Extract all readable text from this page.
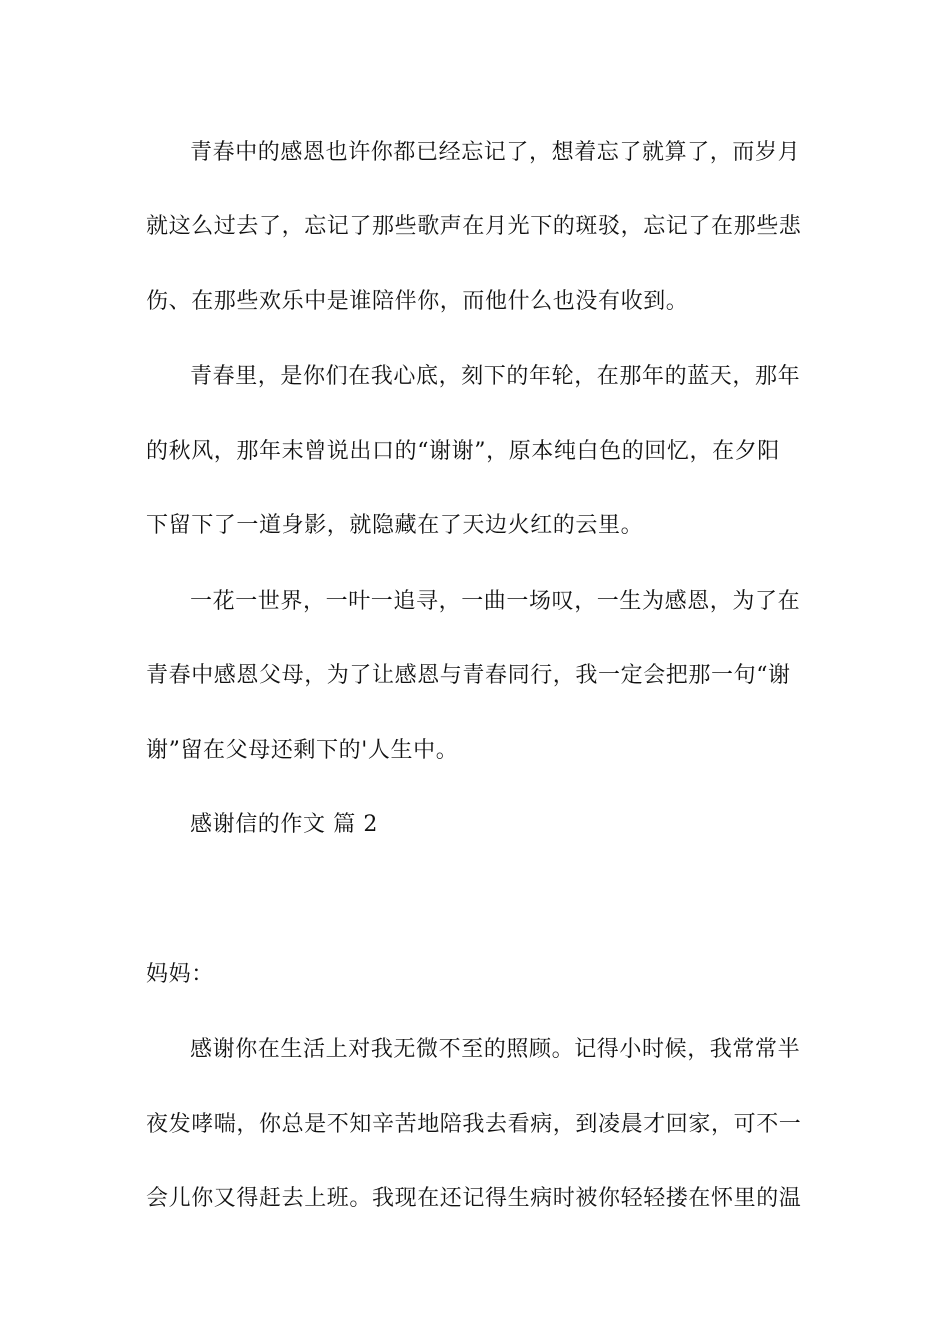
青春中的感恩也许你都已经忘记了，想着忘了就算了，而岁月
就这么过去了，忘记了那些歌声在月光下的斑驳，忘记了在那些悲
伤、在那些欢乐中是谁陪伴你，而他什么也没有收到。
青春里，是你们在我心底，刻下的年轮，在那年的蓝天，那年
的秋风，那年末曾说出口的“谢谢”，原本纯白色的回忆，在夕阳
下留下了一道身影，就隐藏在了天边火红的云里。
一花一世界，一叶一追寻，一曲一场叹，一生为感恩，为了在
青春中感恩父母，为了让感恩与青春同行，我一定会把那一句“谢
谢”留在父母还剩下的'人生中。
感谢信的作文 篇 2
妈妈：
感谢你在生活上对我无微不至的照顾。记得小时候，我常常半
夜发哮喘，你总是不知辛苦地陪我去看病，到凌晨才回家，可不一
会儿你又得赶去上班。我现在还记得生病时被你轻轻搂在怀里的温
